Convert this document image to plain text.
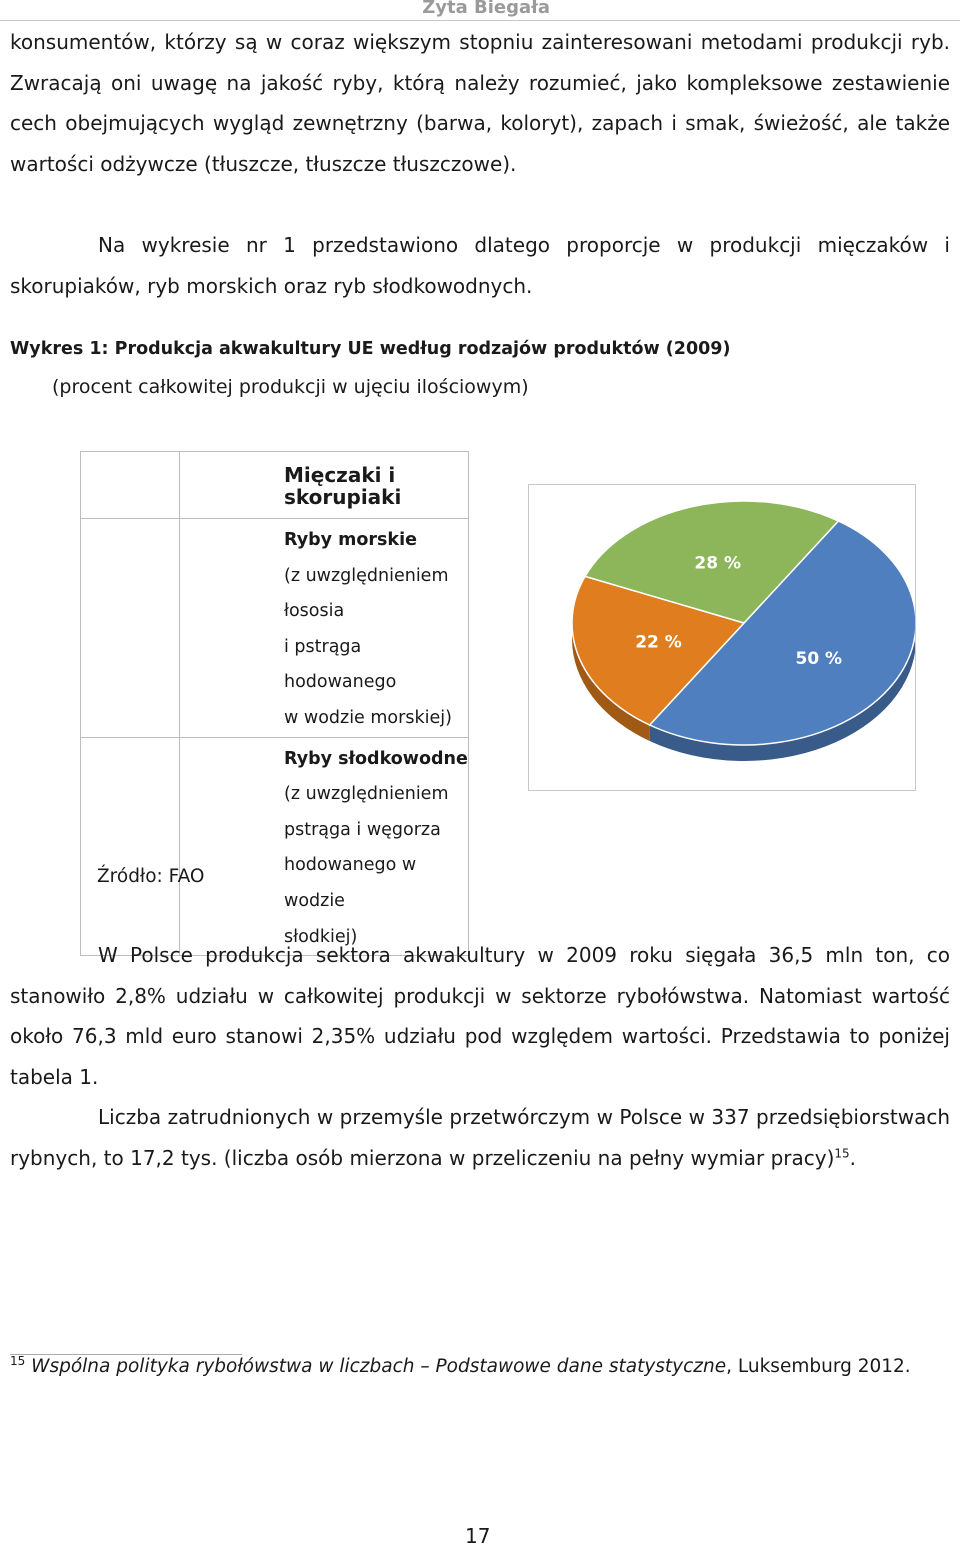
Zyta Biegała

konsumentów, którzy są w coraz większym stopniu zainteresowani metodami produkcji ryb. Zwracają oni uwagę na jakość ryby, którą należy rozumieć, jako kompleksowe zestawienie cech obejmujących wygląd zewnętrzny (barwa, koloryt), zapach i smak, świeżość, ale także wartości odżywcze (tłuszcze, tłuszcze tłuszczowe).

Na wykresie nr 1 przedstawiono dlatego proporcje w produkcji mięczaków i skorupiaków, ryb morskich oraz ryb słodkowodnych.

Wykres 1: Produkcja akwakultury UE według rodzajów produktów (2009)
(procent całkowitej produkcji w ujęciu ilościowym)

	Mięczaki i skorupiaki

	Ryby morskie
(z uwzględnieniem łososia
i pstrąga hodowanego
w wodzie morskiej)

	Ryby słodkowodne
(z uwzględnieniem
pstrąga i węgorza
hodowanego w wodzie
słodkiej)
50 %
22 %
28 %
Źródło: FAO

W Polsce produkcja sektora akwakultury w 2009 roku sięgała 36,5 mln ton, co stanowiło 2,8% udziału w całkowitej produkcji w sektorze rybołówstwa. Natomiast wartość około 76,3 mld euro stanowi 2,35% udziału pod względem wartości. Przedstawia to poniżej tabela 1.

Liczba zatrudnionych w przemyśle przetwórczym w Polsce w 337 przedsiębiorstwach rybnych, to 17,2 tys. (liczba osób mierzona w przeliczeniu na pełny wymiar pracy)$^{15}$.

$^{15}$ Wspólna polityka rybołówstwa w liczbach – Podstawowe dane statystyczne, Luksemburg 2012.

17
